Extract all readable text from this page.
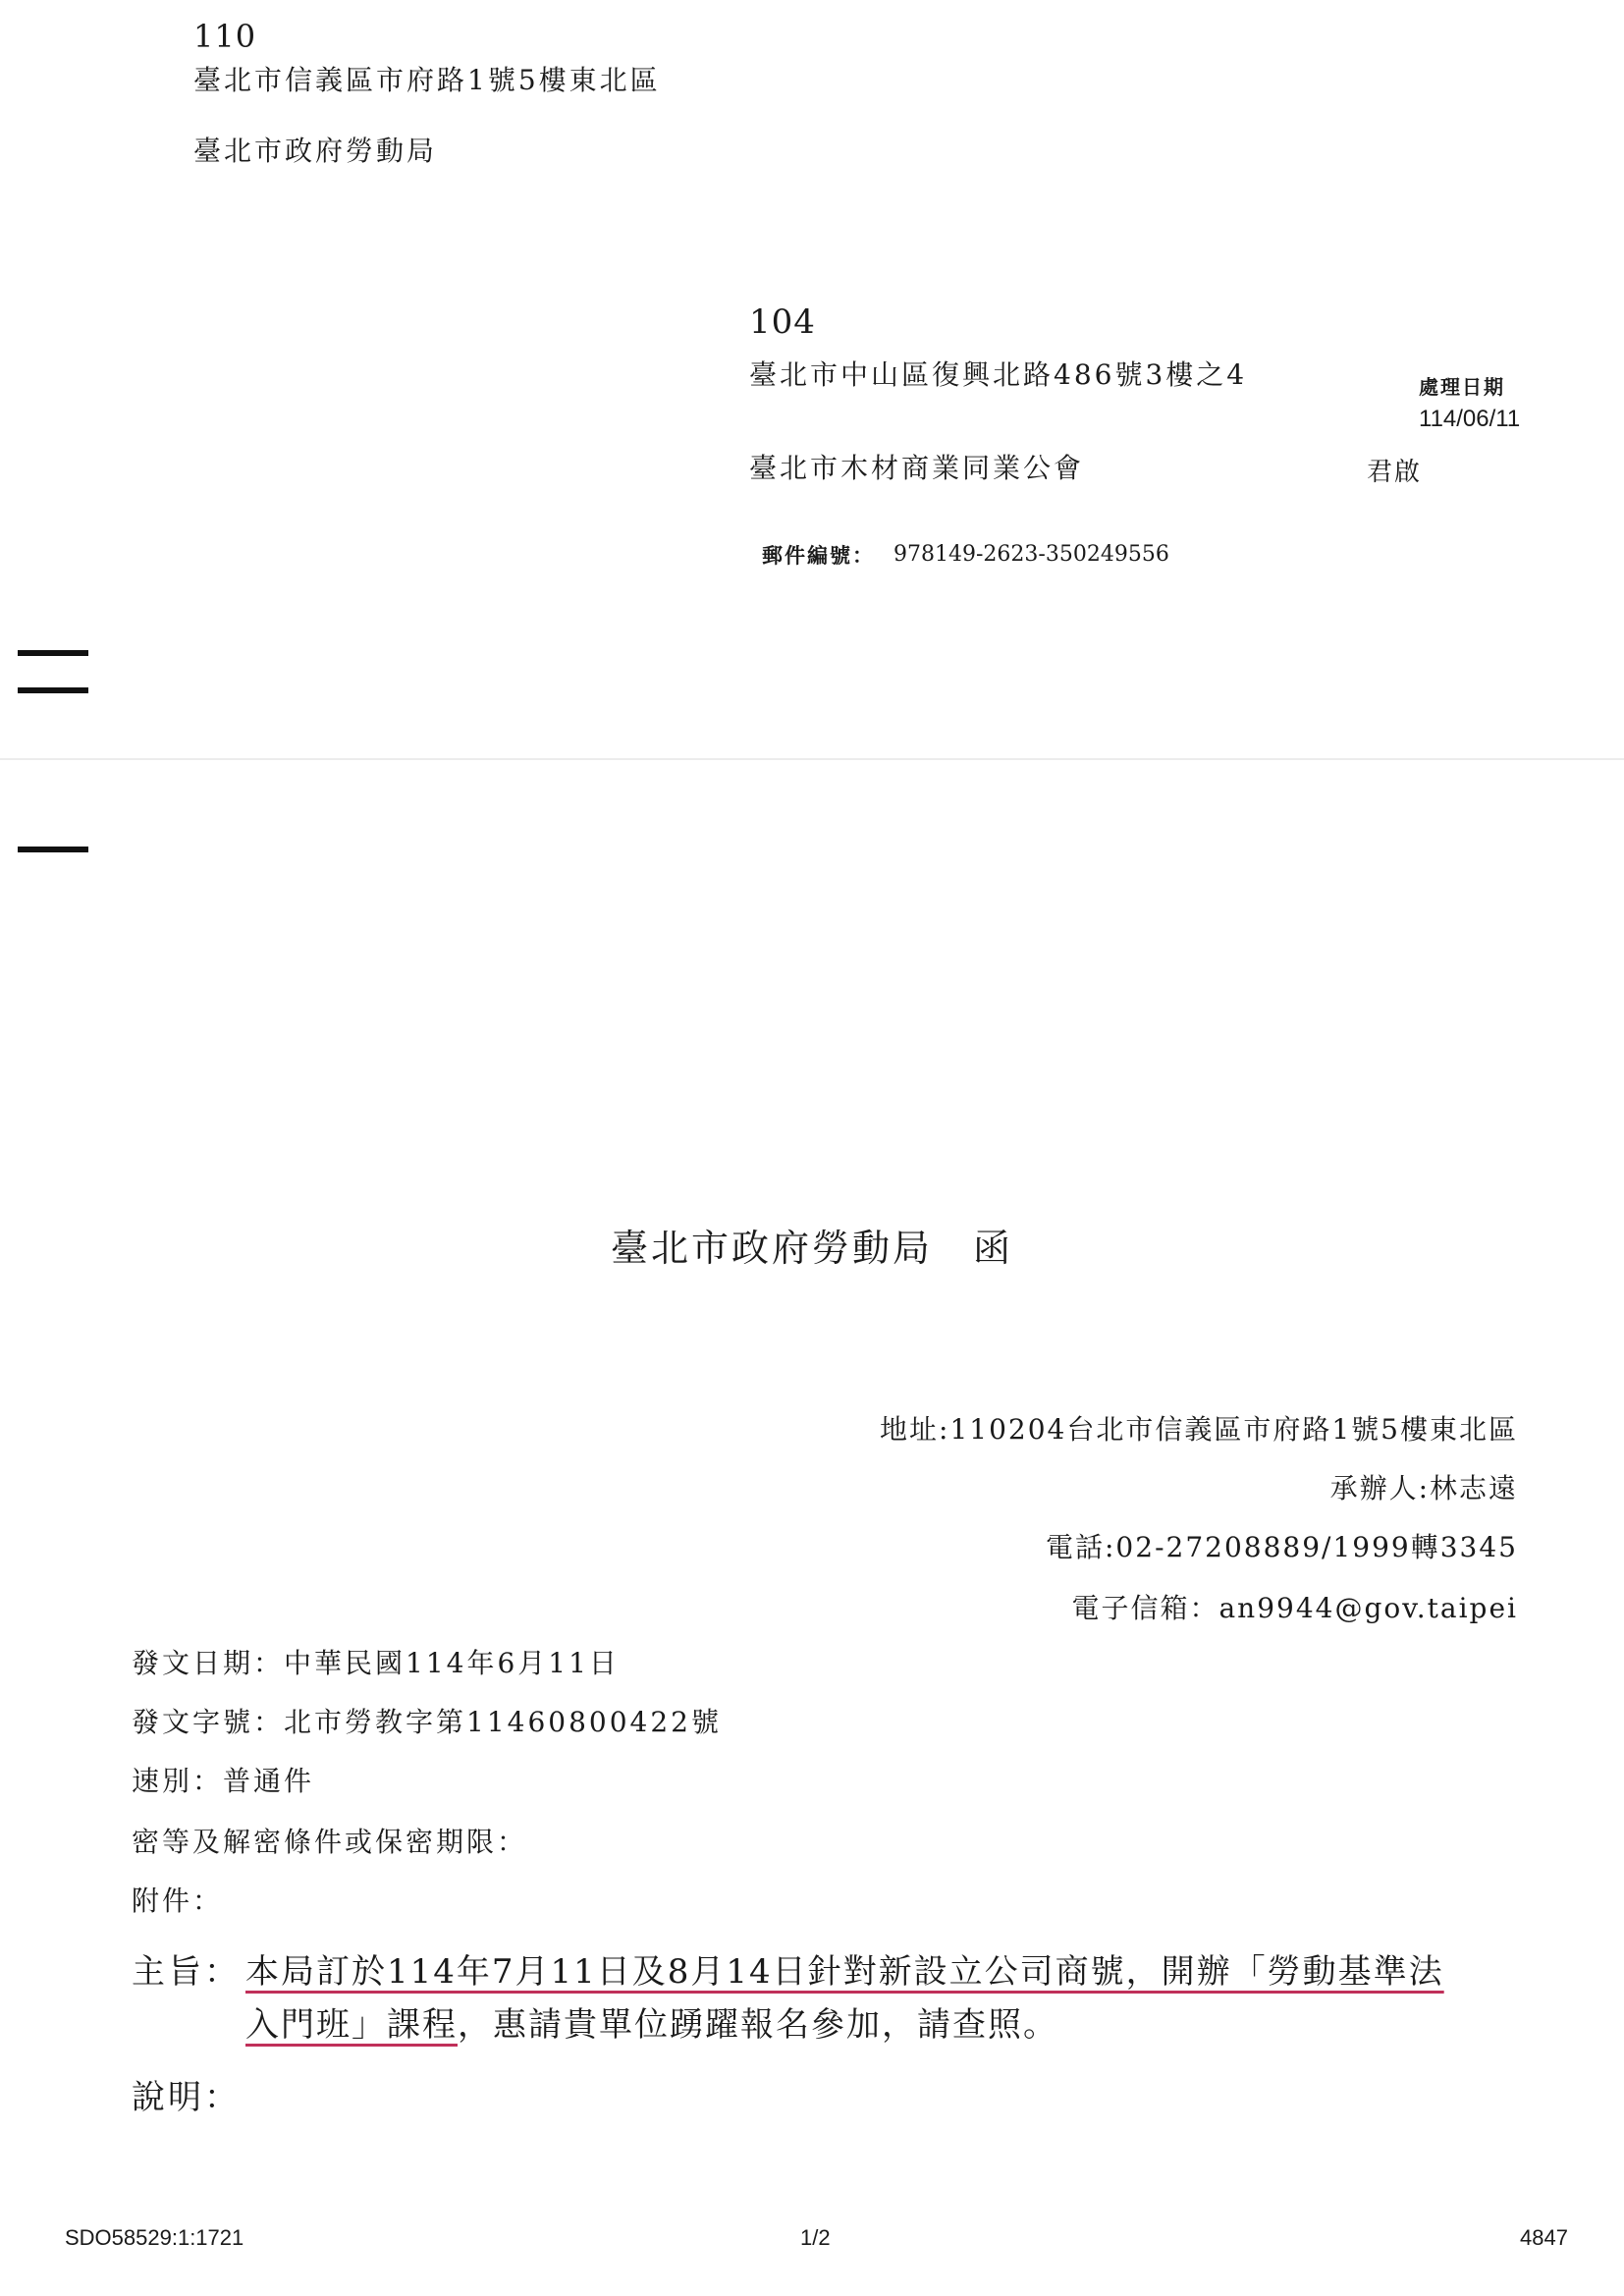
110
臺北市信義區市府路1號5樓東北區
臺北市政府勞動局
104
臺北市中山區復興北路486號3樓之4
臺北市木材商業同業公會	君啟
處理日期
114/06/11
郵件編號： 978149-2623-350249556
臺北市政府勞動局　函
地址:110204台北市信義區市府路1號5樓東北區
承辦人:林志遠
電話:02-27208889/1999轉3345
電子信箱：an9944@gov.taipei
發文日期：中華民國114年6月11日
發文字號：北市勞教字第11460800422號
速別：普通件
密等及解密條件或保密期限：
附件：
主旨： 本局訂於114年7月11日及8月14日針對新設立公司商號，開辦「勞動基準法
入門班」課程，惠請貴單位踴躍報名參加，請查照。
說明：
SDO58529:1:1721	1/2	4847
